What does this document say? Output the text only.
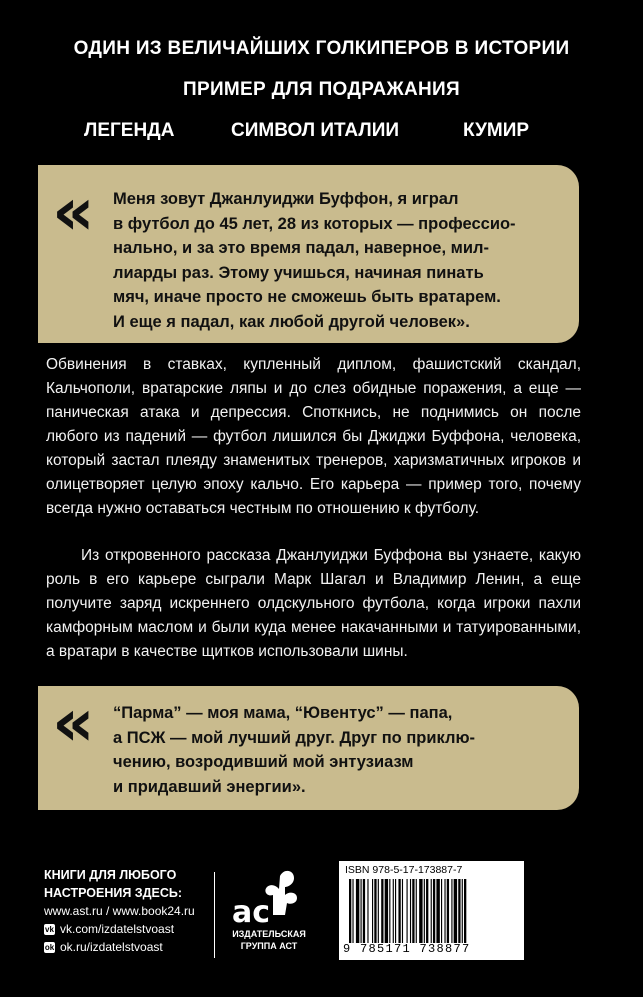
ОДИН ИЗ ВЕЛИЧАЙШИХ ГОЛКИПЕРОВ В ИСТОРИИ
ПРИМЕР ДЛЯ ПОДРАЖАНИЯ
ЛЕГЕНДА	СИМВОЛ ИТАЛИИ	КУМИР
« Меня зовут Джанлуиджи Буффон, я играл
в футбол до 45 лет, 28 из которых — профессио-
нально, и за это время падал, наверное, мил-
лиарды раз. Этому учишься, начиная пинать
мяч, иначе просто не сможешь быть вратарем.
И еще я падал, как любой другой человек».
Обвинения в ставках, купленный диплом, фашистский скандал, Кальчополи, вратарские ляпы и до слез обидные поражения, а еще — паническая атака и депрессия. Споткнись, не поднимись он после любого из падений — футбол лишился бы Джиджи Буффона, человека, который застал плеяду знаменитых тренеров, харизматичных игроков и олицетворяет целую эпоху кальчо. Его карьера — пример того, почему всегда нужно оставаться честным по отношению к футболу.
Из откровенного рассказа Джанлуиджи Буффона вы узнаете, какую роль в его карьере сыграли Марк Шагал и Владимир Ленин, а еще получите заряд искреннего олдскульного футбола, когда игроки пахли камфорным маслом и были куда менее накачанными и татуированными, а вратари в качестве щитков использовали шины.
« “Парма” — моя мама, “Ювентус” — папа,
а ПСЖ — мой лучший друг. Друг по приклю-
чению, возродивший мой энтузиазм
и придавший энергии».
КНИГИ ДЛЯ ЛЮБОГО
НАСТРОЕНИЯ ЗДЕСЬ:
www.ast.ru / www.book24.ru
vk vk.com/izdatelstvoast
ok ok.ru/izdatelstvoast
ас
ИЗДАТЕЛЬСКАЯ
ГРУППА АСТ
ISBN 978-5-17-173887-7
9 785171 738877
